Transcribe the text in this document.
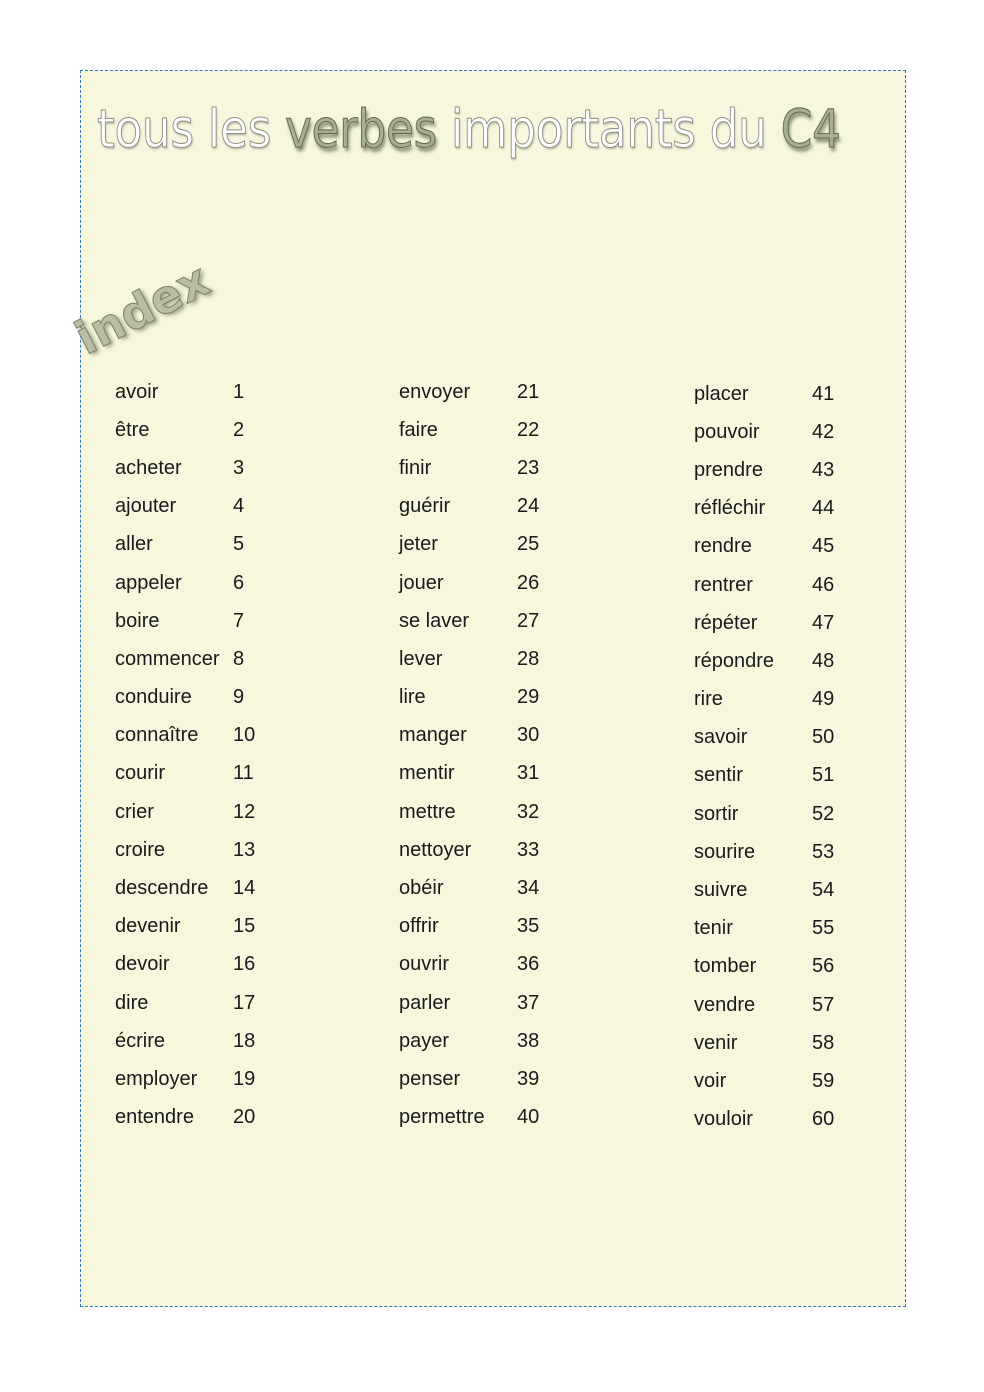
tous les verbes importants du C4
index
avoir	1
être	2
acheter	3
ajouter	4
aller	5
appeler	6
boire	7
commencer 8
conduire	9
connaître	10
courir	11
crier	12
croire	13
descendre	14
devenir	15
devoir	16
dire	17
écrire	18
employer	19
entendre	20
envoyer	21
faire	22
finir	23
guérir	24
jeter	25
jouer	26
se laver	27
lever	28
lire	29
manger	30
mentir	31
mettre	32
nettoyer	33
obéir	34
offrir	35
ouvrir	36
parler	37
payer	38
penser	39
permettre	40
placer	41
pouvoir	42
prendre	43
réfléchir	44
rendre	45
rentrer	46
répéter	47
répondre	48
rire	49
savoir	50
sentir	51
sortir	52
sourire	53
suivre	54
tenir	55
tomber	56
vendre	57
venir	58
voir	59
vouloir	60
